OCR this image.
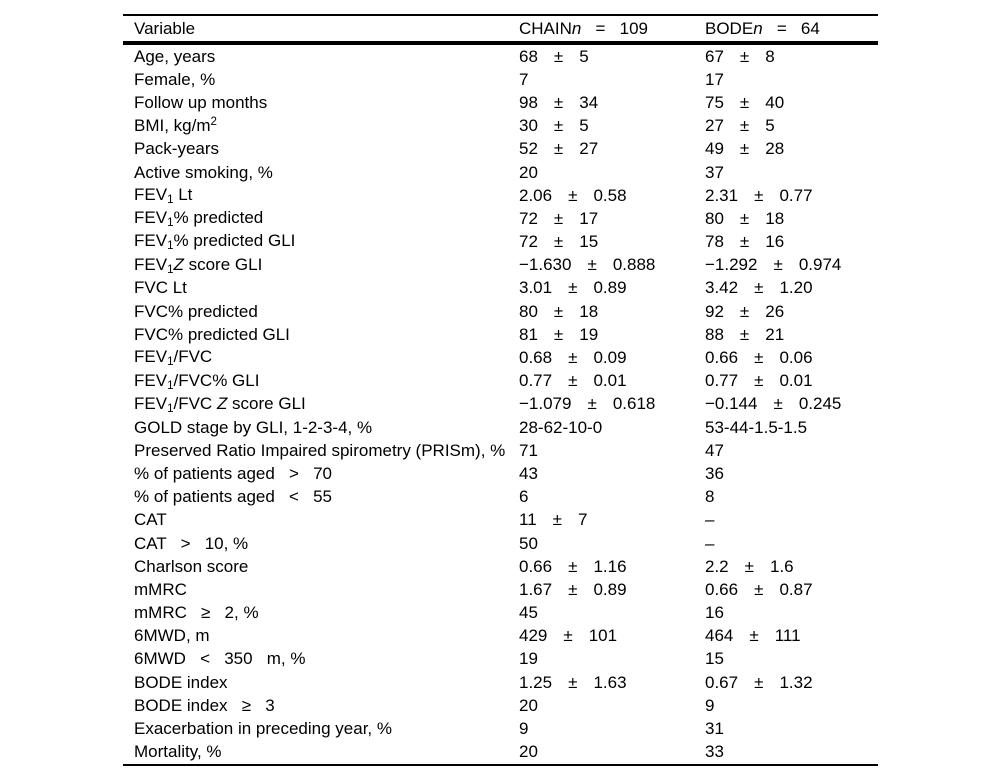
Variable	CHAINn   =   109	BODEn   =   64
Age, years	68 ± 5	67 ± 8
Female, %	7	17
Follow up months	98 ± 34	75 ± 40
BMI, $kg/m^2$	30 ± 5	27 ± 5
Pack-years	52 ± 27	49 ± 28
Active smoking, %	20	37
FEV1 Lt	2.06 ± 0.58	2.31 ± 0.77
FEV1% predicted	72 ± 17	80 ± 18
FEV1% predicted GLI	72 ± 15	78 ± 16
FEV1Z score GLI	−1.630 ± 0.888	−1.292 ± 0.974
FVC Lt	3.01 ± 0.89	3.42 ± 1.20
FVC% predicted	80 ± 18	92 ± 26
FVC% predicted GLI	81 ± 19	88 ± 21
FEV1/FVC	0.68 ± 0.09	0.66 ± 0.06
FEV1/FVC% GLI	0.77 ± 0.01	0.77 ± 0.01
FEV1/FVC Z score GLI	−1.079 ± 0.618	−0.144 ± 0.245
GOLD stage by GLI, 1-2-3-4, %	28-62-10-0	53-44-1.5-1.5
Preserved Ratio Impaired spirometry (PRISm), % 71	47
% of patients aged   >   70	43	36
% of patients aged   <   55	6	8
CAT	11 ± 7	–
CAT   >   10, %	50	–
Charlson score	0.66 ± 1.16	2.2 ± 1.6
mMRC	1.67 ± 0.89	0.66 ± 0.87
mMRC   ≥   2, %	45	16
6MWD, m	429 ± 101	464 ± 111
6MWD   <   350   m, %	19	15
BODE index	1.25 ± 1.63	0.67 ± 1.32
BODE index   ≥   3	20	9
Exacerbation in preceding year, %	9	31
Mortality, %	20	33
